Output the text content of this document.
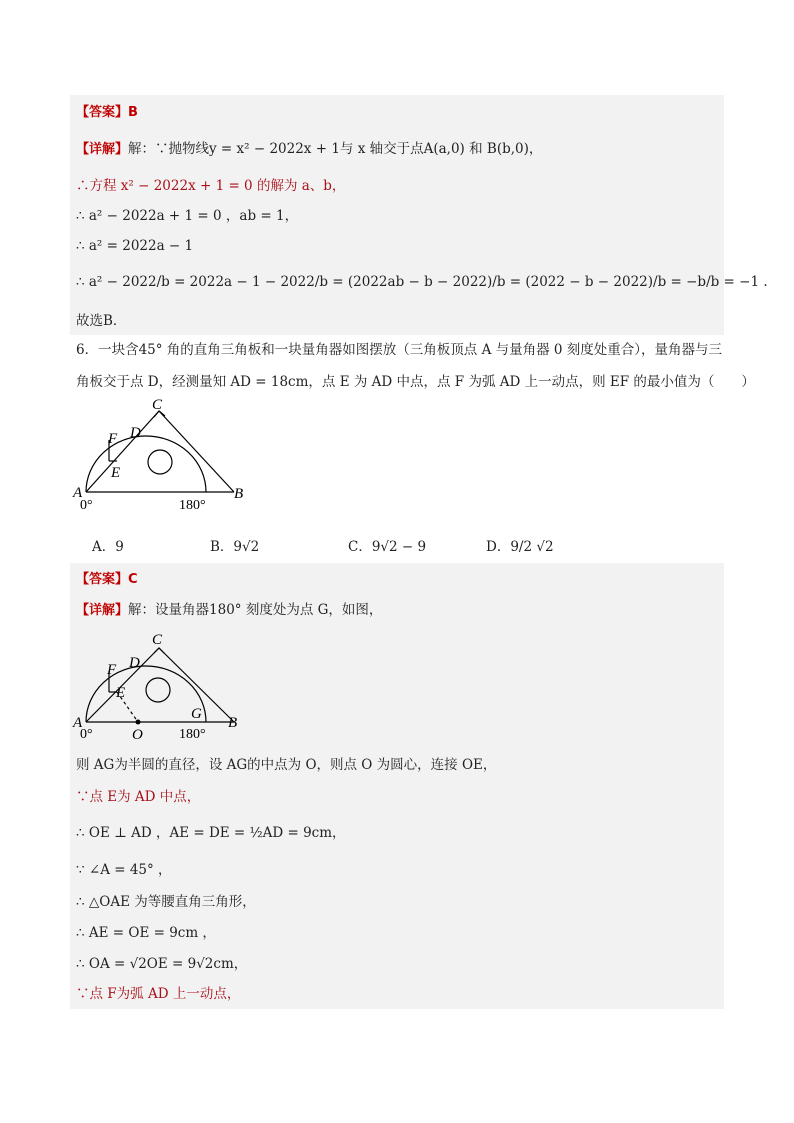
【答案】B
【详解】解：∵抛物线y = x² − 2022x + 1与 x 轴交于点A(a,0) 和 B(b,0)，
∴方程 x² − 2022x + 1 = 0 的解为 a、b，
∴ a² − 2022a + 1 = 0 ，ab = 1，
∴ a² = 2022a − 1
∴ a² − 2022/b = 2022a − 1 − 2022/b = (2022ab − b − 2022)/b = (2022 − b − 2022)/b = −b/b = −1 .
故选B．
6．一块含45° 角的直角三角板和一块量角器如图摆放（三角板顶点 A 与量角器 0 刻度处重合），量角器与三
角板交于点 D，经测量知 AD = 18cm，点 E 为 AD 中点，点 F 为弧 AD 上一动点，则 EF 的最小值为（　　）
C
D
F
E
A	B
0°	180°
A．9	B．9√2	C．9√2 − 9	D．9/2 √2
【答案】C
【详解】解：设量角器180° 刻度处为点 G，如图，
C
D
F
E
A
O
G
B
0°	180°
则 AG为半圆的直径，设 AG的中点为 O，则点 O 为圆心，连接 OE，
∵点 E为 AD 中点，
∴ OE ⊥ AD ，AE = DE = ½AD = 9cm，
∵ ∠A = 45° ，
∴ △OAE 为等腰直角三角形，
∴ AE = OE = 9cm ，
∴ OA = √2OE = 9√2cm，
∵点 F为弧 AD 上一动点，
